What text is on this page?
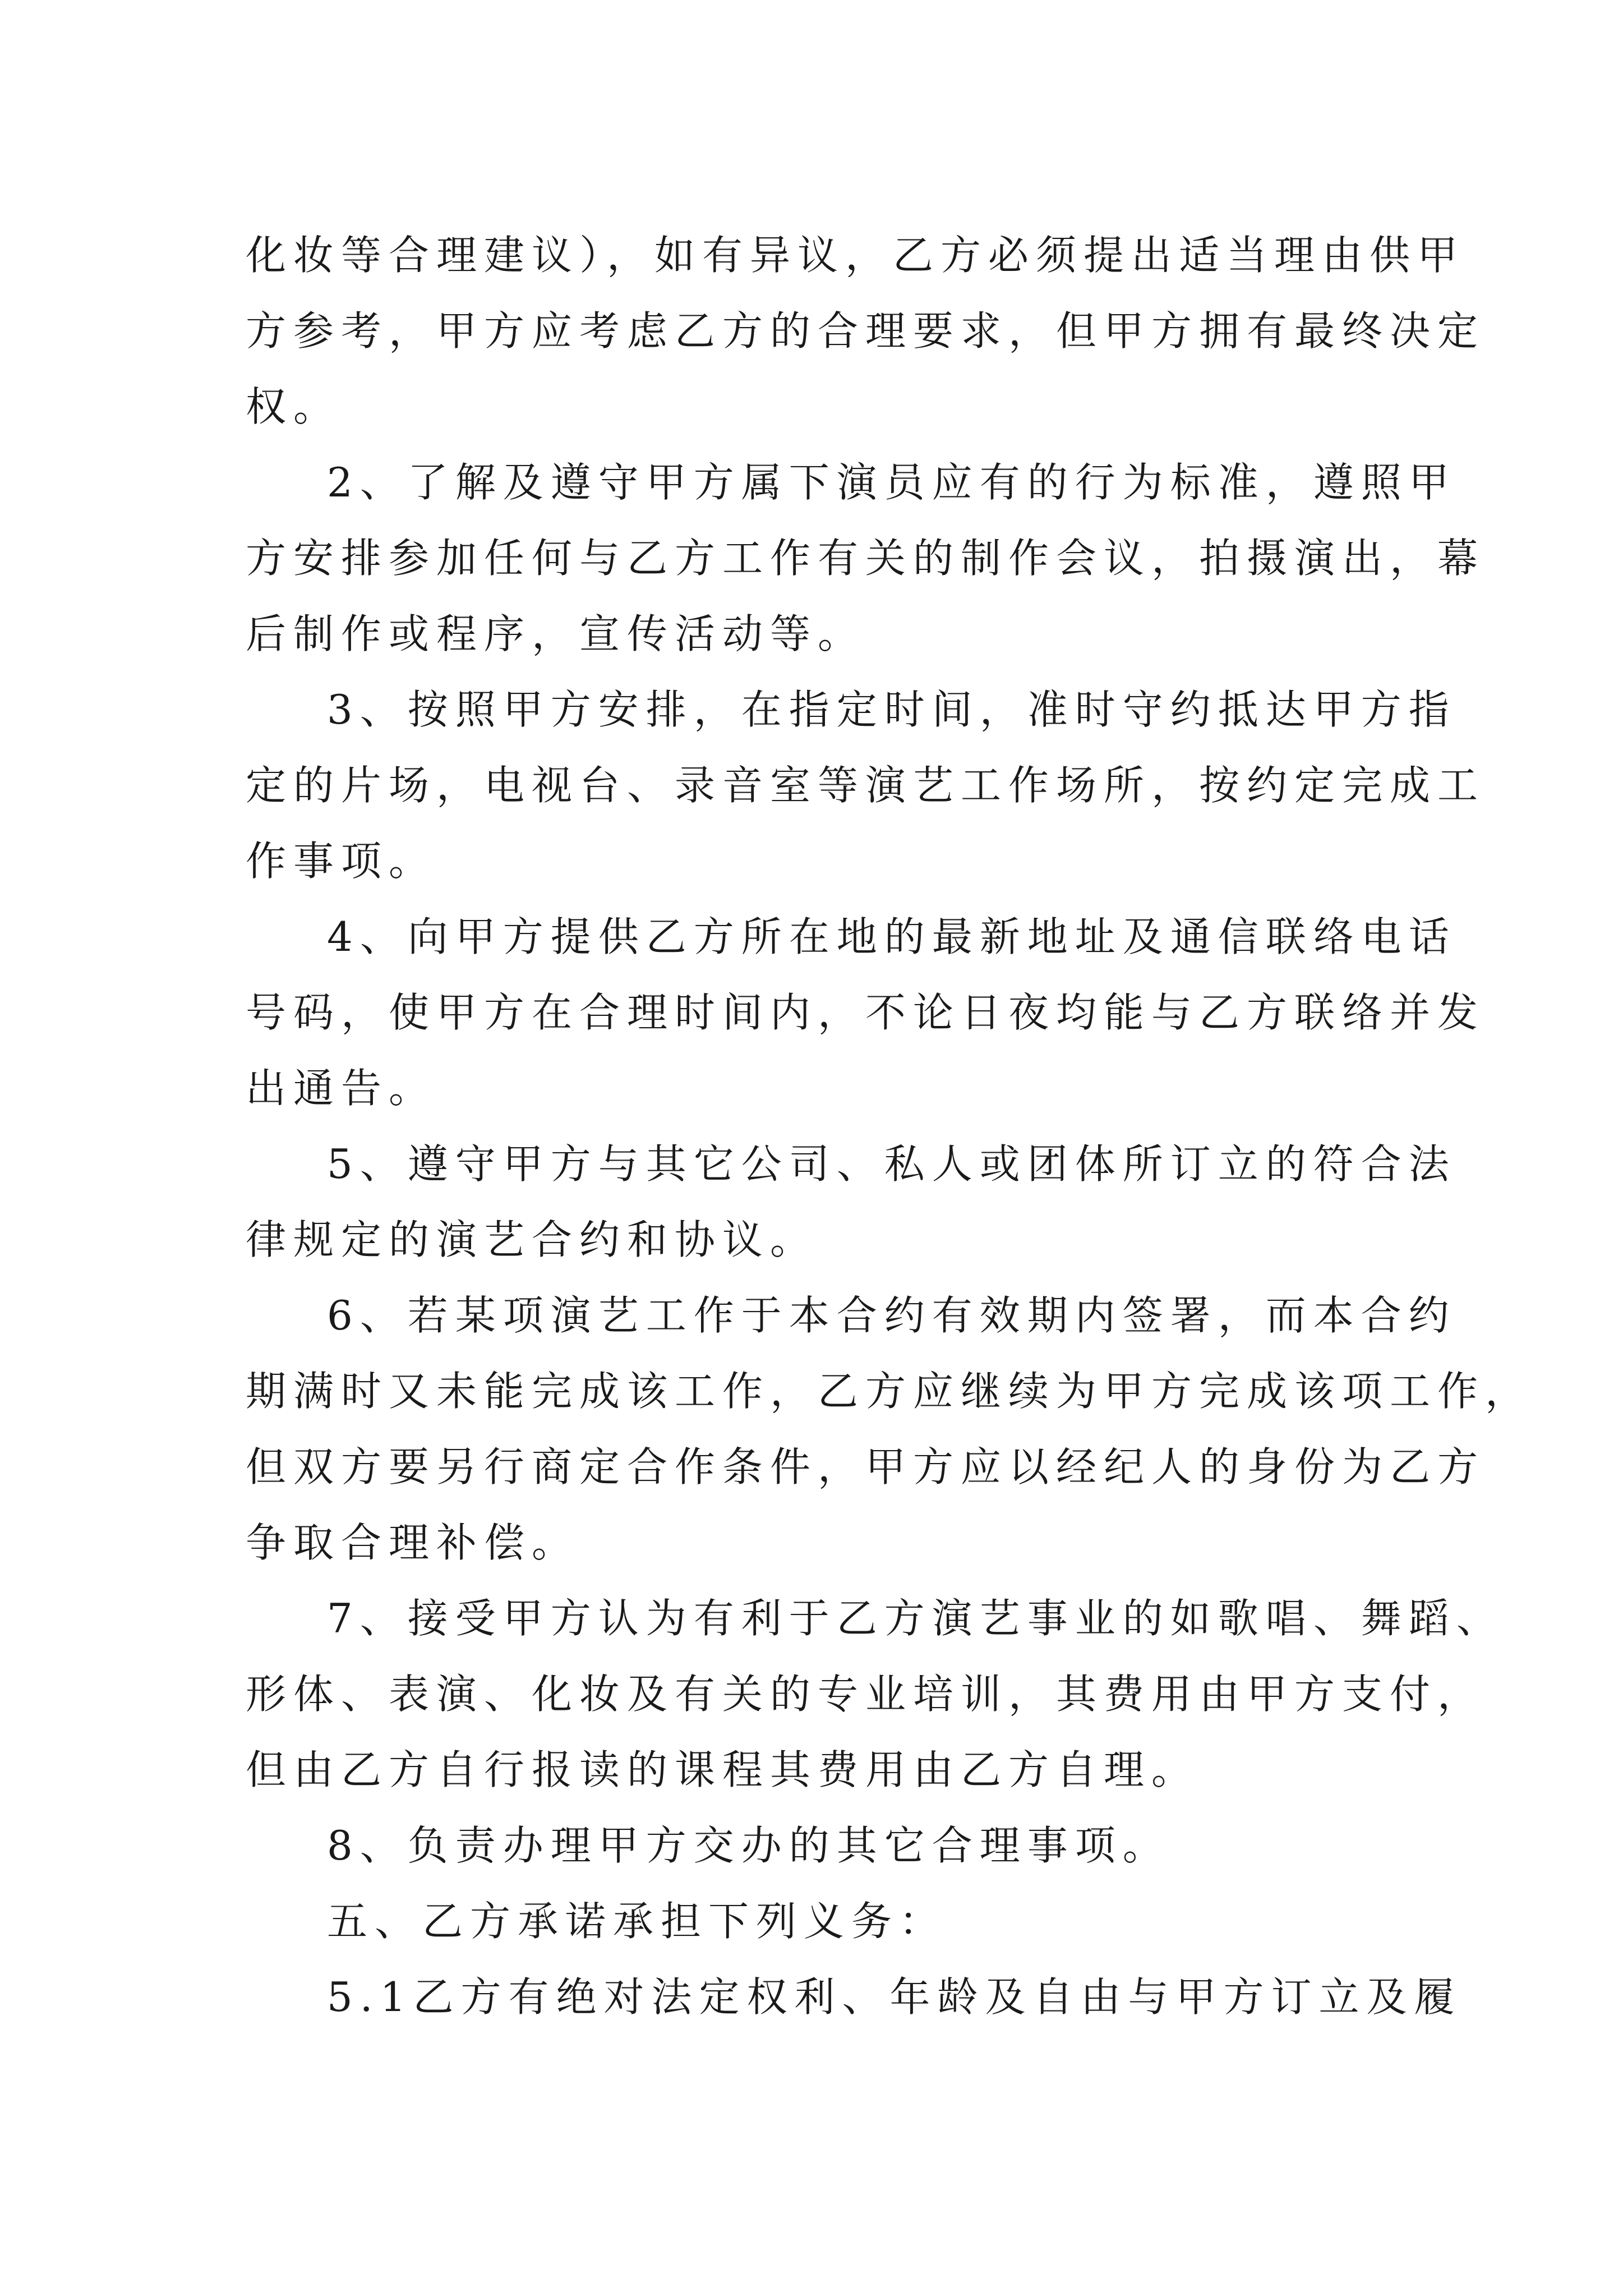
化妆等合理建议），如有异议，乙方必须提出适当理由供甲
方参考，甲方应考虑乙方的合理要求，但甲方拥有最终决定
权。
2、了解及遵守甲方属下演员应有的行为标准，遵照甲
方安排参加任何与乙方工作有关的制作会议，拍摄演出，幕
后制作或程序，宣传活动等。
3、按照甲方安排，在指定时间，准时守约抵达甲方指
定的片场，电视台、录音室等演艺工作场所，按约定完成工
作事项。
4、向甲方提供乙方所在地的最新地址及通信联络电话
号码，使甲方在合理时间内，不论日夜均能与乙方联络并发
出通告。
5、遵守甲方与其它公司、私人或团体所订立的符合法
律规定的演艺合约和协议。
6、若某项演艺工作于本合约有效期内签署，而本合约
期满时又未能完成该工作，乙方应继续为甲方完成该项工作，
但双方要另行商定合作条件，甲方应以经纪人的身份为乙方
争取合理补偿。
7、接受甲方认为有利于乙方演艺事业的如歌唱、舞蹈、
形体、表演、化妆及有关的专业培训，其费用由甲方支付，
但由乙方自行报读的课程其费用由乙方自理。
8、负责办理甲方交办的其它合理事项。
五、乙方承诺承担下列义务：
5.1乙方有绝对法定权利、年龄及自由与甲方订立及履
